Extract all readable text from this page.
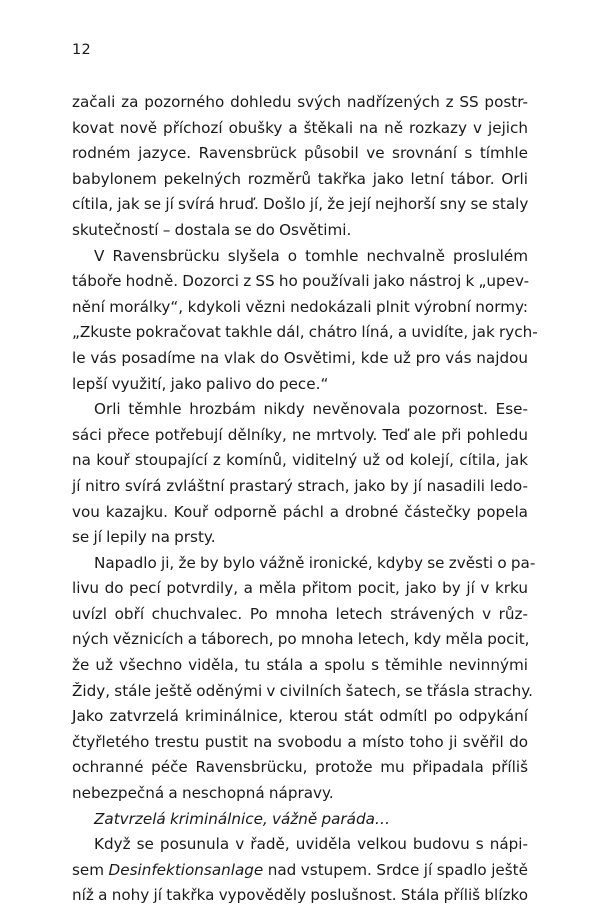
12
začali za pozorného dohledu svých nadřízených z SS postr-
kovat nově příchozí obušky a štěkali na ně rozkazy v jejich
rodném jazyce. Ravensbrück působil ve srovnání s tímhle
babylonem pekelných rozměrů takřka jako letní tábor. Orli
cítila, jak se jí svírá hruď. Došlo jí, že její nejhorší sny se staly
skutečností – dostala se do Osvětimi.
V Ravensbrücku slyšela o tomhle nechvalně proslulém
táboře hodně. Dozorci z SS ho používali jako nástroj k „upev-
nění morálky“, kdykoli vězni nedokázali plnit výrobní normy:
„Zkuste pokračovat takhle dál, chátro líná, a uvidíte, jak rych-
le vás posadíme na vlak do Osvětimi, kde už pro vás najdou
lepší využití, jako palivo do pece.“
Orli těmhle hrozbám nikdy nevěnovala pozornost. Ese-
sáci přece potřebují dělníky, ne mrtvoly. Teď ale při pohledu
na kouř stoupající z komínů, viditelný už od kolejí, cítila, jak
jí nitro svírá zvláštní prastarý strach, jako by jí nasadili ledo-
vou kazajku. Kouř odporně páchl a drobné částečky popela
se jí lepily na prsty.
Napadlo ji, že by bylo vážně ironické, kdyby se zvěsti o pa-
livu do pecí potvrdily, a měla přitom pocit, jako by jí v krku
uvízl obří chuchvalec. Po mnoha letech strávených v růz-
ných věznicích a táborech, po mnoha letech, kdy měla pocit,
že už všechno viděla, tu stála a spolu s těmihle nevinnými
Židy, stále ještě oděnými v civilních šatech, se třásla strachy.
Jako zatvrzelá kriminálnice, kterou stát odmítl po odpykání
čtyřletého trestu pustit na svobodu a místo toho ji svěřil do
ochranné péče Ravensbrücku, protože mu připadala příliš
nebezpečná a neschopná nápravy.
Zatvrzelá kriminálnice, vážně paráda…
Když se posunula v řadě, uviděla velkou budovu s nápi-
sem Desinfektionsanlage nad vstupem. Srdce jí spadlo ještě
níž a nohy jí takřka vypověděly poslušnost. Stála příliš blízko
